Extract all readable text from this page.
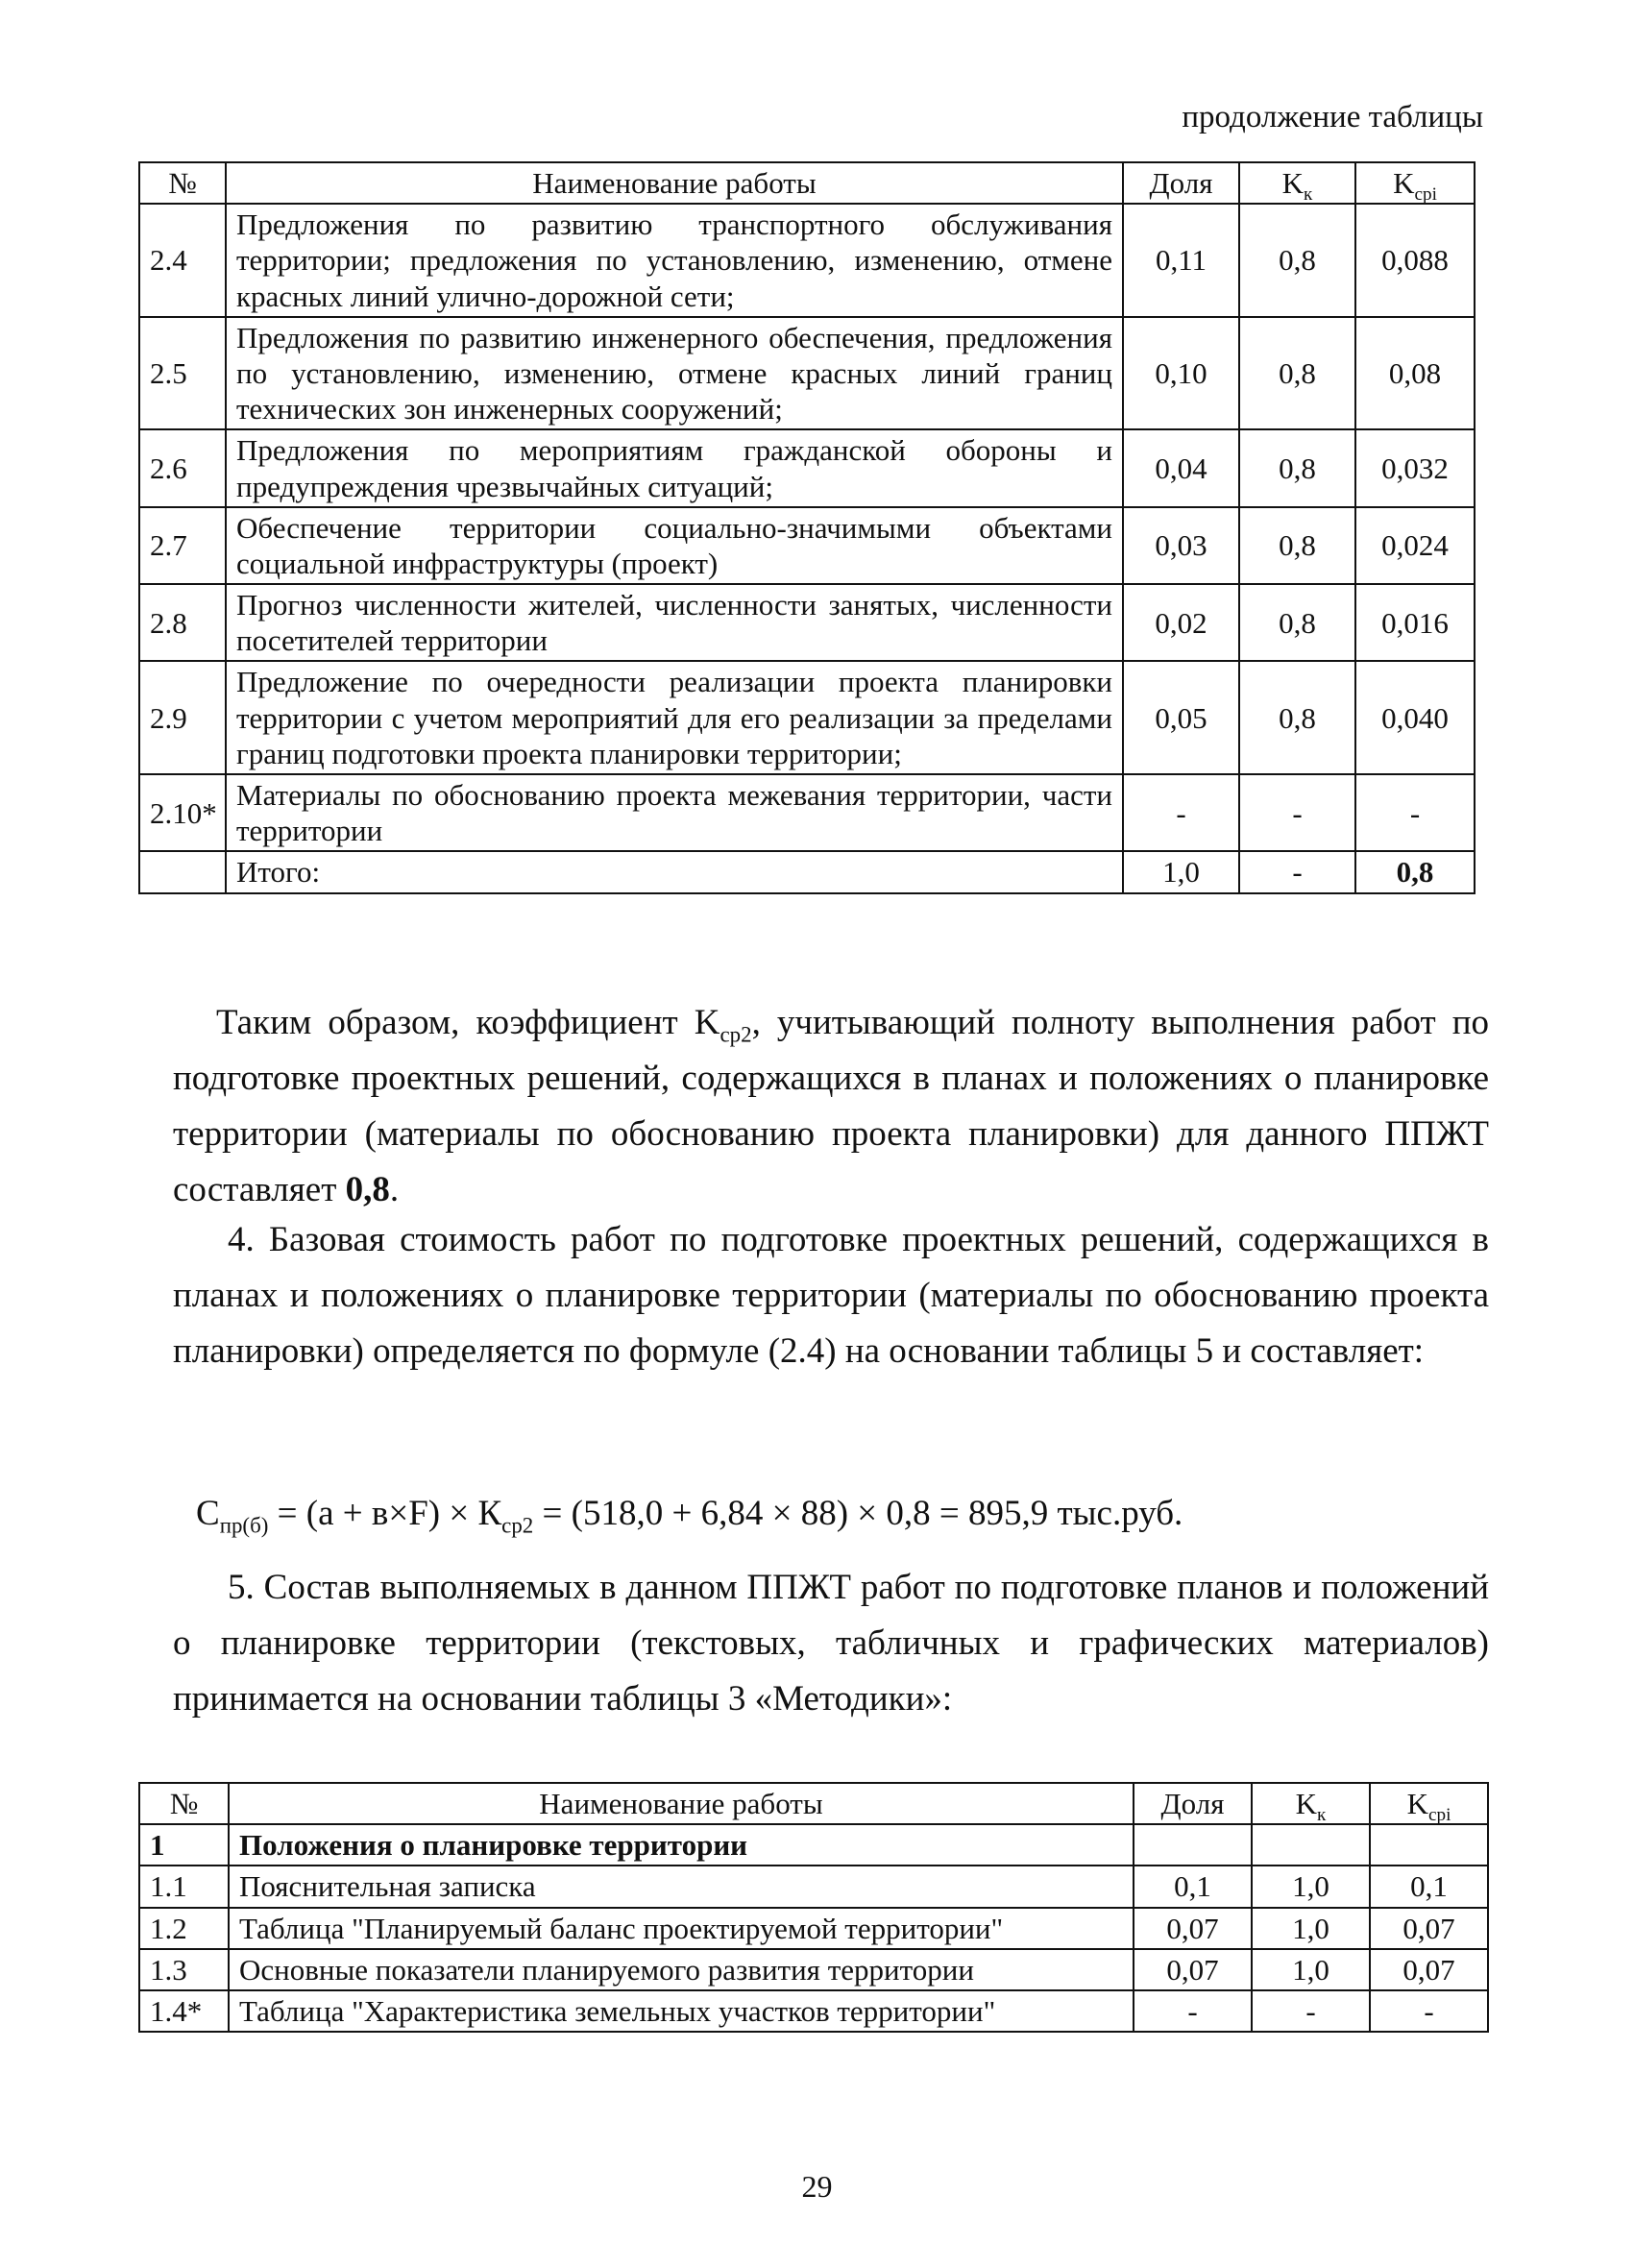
продолжение таблицы
№	Наименование работы	Доля	$K_к$	$K_{cpi}$
2.4	Предложения по развитию транспортного обслуживания территории; предложения по установлению, изменению, отмене красных линий улично-дорожной сети;	0,11	0,8	0,088
2.5	Предложения по развитию инженерного обеспечения, предложения по установлению, изменению, отмене красных линий границ технических зон инженерных сооружений;	0,10	0,8	0,08
2.6	Предложения по мероприятиям гражданской обороны и предупреждения чрезвычайных ситуаций;	0,04	0,8	0,032
2.7	Обеспечение территории социально-значимыми объектами социальной инфраструктуры (проект)	0,03	0,8	0,024
2.8	Прогноз численности жителей, численности занятых, численности посетителей территории	0,02	0,8	0,016
2.9	Предложение по очередности реализации проекта планировки территории с учетом мероприятий для его реализации за пределами границ подготовки проекта планировки территории;	0,05	0,8	0,040
2.10*	Материалы по обоснованию проекта межевания территории, части территории	-	-	-
	Итого:	1,0	-	0,8

Таким образом, коэффициент $K_{ср2}$, учитывающий полноту выполнения работ по подготовке проектных решений, содержащихся в планах и положениях о планировке территории (материалы по обоснованию проекта планировки) для данного ППЖТ составляет 0,8.

4. Базовая стоимость работ по подготовке проектных решений, содержащихся в планах и положениях о планировке территории (материалы по обоснованию проекта планировки) определяется по формуле (2.4) на основании таблицы 5 и составляет:

$С_{пр(б)} = (а + в\times F) \times К_{ср2} = (518,0 + 6,84 \times 88) \times 0,8 = 895,9$ тыс.руб.

5. Состав выполняемых в данном ППЖТ работ по подготовке планов и положений о планировке территории (текстовых, табличных и графических материалов) принимается на основании таблицы 3 «Методики»:

№	Наименование работы	Доля	$K_к$	$K_{cpi}$
1	Положения о планировке территории			
1.1	Пояснительная записка	0,1	1,0	0,1
1.2	Таблица "Планируемый баланс проектируемой территории"	0,07	1,0	0,07
1.3	Основные показатели планируемого развития территории	0,07	1,0	0,07
1.4*	Таблица "Характеристика земельных участков территории"	-	-	-
29
